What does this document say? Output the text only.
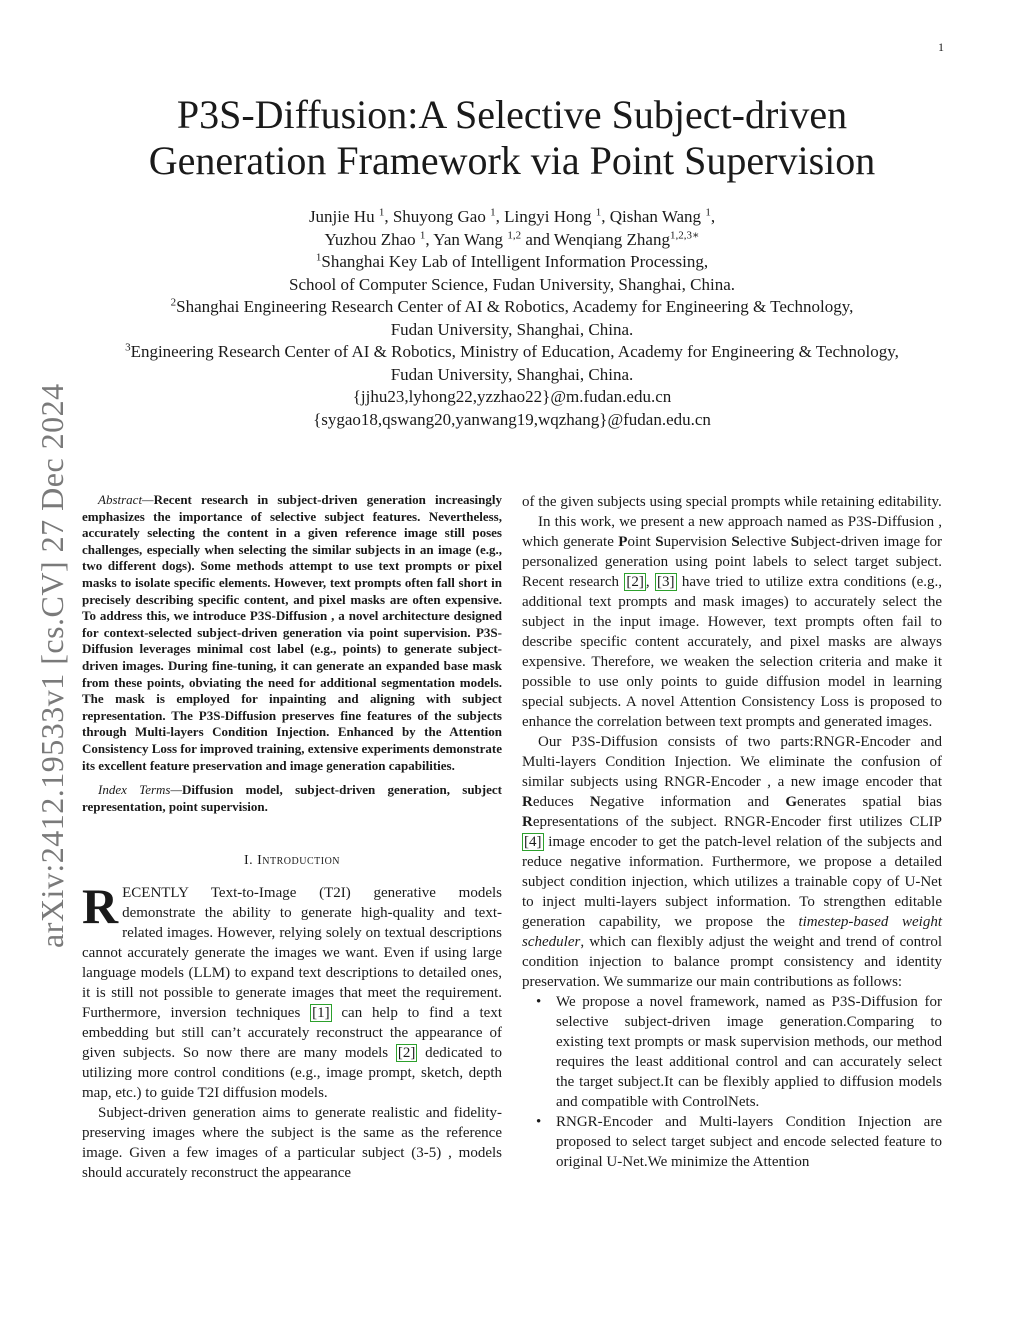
1
arXiv:2412.19533v1 [cs.CV] 27 Dec 2024
P3S-Diffusion:A Selective Subject-driven
Generation Framework via Point Supervision
Junjie Hu $^1$, Shuyong Gao $^1$, Lingyi Hong $^1$, Qishan Wang $^1$,
Yuzhou Zhao $^1$, Yan Wang $^{1,2}$ and Wenqiang Zhang$^{1,2,3∗}$
$^1$Shanghai Key Lab of Intelligent Information Processing,
School of Computer Science, Fudan University, Shanghai, China.
$^2$Shanghai Engineering Research Center of AI & Robotics, Academy for Engineering & Technology,
Fudan University, Shanghai, China.
$^3$Engineering Research Center of AI & Robotics, Ministry of Education, Academy for Engineering & Technology,
Fudan University, Shanghai, China.
{jjhu23,lyhong22,yzzhao22}@m.fudan.edu.cn
{sygao18,qswang20,yanwang19,wqzhang}@fudan.edu.cn

Abstract—Recent research in subject-driven generation increasingly emphasizes the importance of selective subject features. Nevertheless, accurately selecting the content in a given reference image still poses challenges, especially when selecting the similar subjects in an image (e.g., two different dogs). Some methods attempt to use text prompts or pixel masks to isolate specific elements. However, text prompts often fall short in precisely describing specific content, and pixel masks are often expensive. To address this, we introduce P3S-Diffusion , a novel architecture designed for context-selected subject-driven generation via point supervision. P3S-Diffusion leverages minimal cost label (e.g., points) to generate subject-driven images. During fine-tuning, it can generate an expanded base mask from these points, obviating the need for additional segmentation models. The mask is employed for inpainting and aligning with subject representation. The P3S-Diffusion preserves fine features of the subjects through Multi-layers Condition Injection. Enhanced by the Attention Consistency Loss for improved training, extensive experiments demonstrate its excellent feature preservation and image generation capabilities.

Index Terms—Diffusion model, subject-driven generation, subject representation, point supervision.

I. Introduction

RECENTLY Text-to-Image (T2I) generative models demonstrate the ability to generate high-quality and text-related images. However, relying solely on textual descriptions cannot accurately generate the images we want. Even if using large language models (LLM) to expand text descriptions to detailed ones, it is still not possible to generate images that meet the requirement. Furthermore, inversion techniques [1] can help to find a text embedding but still can’t accurately reconstruct the appearance of given subjects. So now there are many models [2] dedicated to utilizing more control conditions (e.g., image prompt, sketch, depth map, etc.) to guide T2I diffusion models.

Subject-driven generation aims to generate realistic and fidelity-preserving images where the subject is the same as the reference image. Given a few images of a particular subject (3-5) , models should accurately reconstruct the appearance

of the given subjects using special prompts while retaining editability.

In this work, we present a new approach named as P3S-Diffusion , which generate Point Supervision Selective Subject-driven image for personalized generation using point labels to select target subject. Recent research [2] , [3] have tried to utilize extra conditions (e.g., additional text prompts and mask images) to accurately select the subject in the input image. However, text prompts often fail to describe specific content accurately, and pixel masks are always expensive. Therefore, we weaken the selection criteria and make it possible to use only points to guide diffusion model in learning special subjects. A novel Attention Consistency Loss is proposed to enhance the correlation between text prompts and generated images.

Our P3S-Diffusion consists of two parts:RNGR-Encoder and Multi-layers Condition Injection. We eliminate the confusion of similar subjects using RNGR-Encoder , a new image encoder that Reduces Negative information and Generates spatial bias Representations of the subject. RNGR-Encoder first utilizes CLIP [4] image encoder to get the patch-level relation of the subjects and reduce negative information. Furthermore, we propose a detailed subject condition injection, which utilizes a trainable copy of U-Net to inject multi-layers subject information. To strengthen editable generation capability, we propose the timestep-based weight scheduler, which can flexibly adjust the weight and trend of control condition injection to balance prompt consistency and identity preservation. We summarize our main contributions as follows:

• We propose a novel framework, named as P3S-Diffusion for selective subject-driven image generation.Comparing to existing text prompts or mask supervision methods, our method requires the least additional control and can accurately select the target subject.It can be flexibly applied to diffusion models and compatible with ControlNets.
• RNGR-Encoder and Multi-layers Condition Injection are proposed to select target subject and encode selected feature to original U-Net.We minimize the Attention
